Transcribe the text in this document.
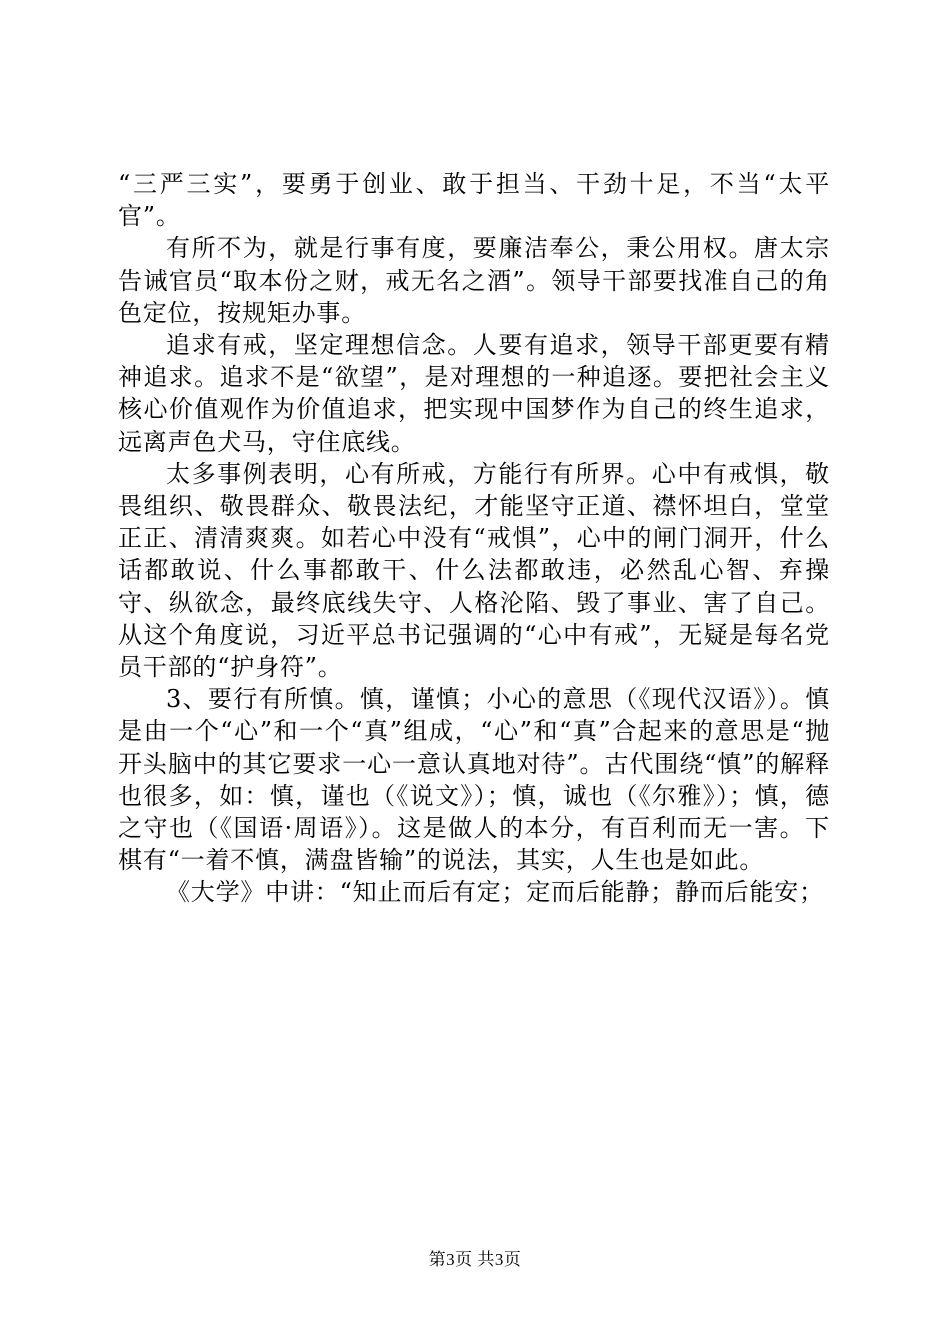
“三严三实”，要勇于创业、敢于担当、干劲十足，不当“太平官”。

有所不为，就是行事有度，要廉洁奉公，秉公用权。唐太宗告诫官员“取本份之财，戒无名之酒”。领导干部要找准自己的角色定位，按规矩办事。

追求有戒，坚定理想信念。人要有追求，领导干部更要有精神追求。追求不是“欲望”，是对理想的一种追逐。要把社会主义核心价值观作为价值追求，把实现中国梦作为自己的终生追求，远离声色犬马，守住底线。

太多事例表明，心有所戒，方能行有所界。心中有戒惧，敬畏组织、敬畏群众、敬畏法纪，才能坚守正道、襟怀坦白，堂堂正正、清清爽爽。如若心中没有“戒惧”，心中的闸门洞开，什么话都敢说、什么事都敢干、什么法都敢违，必然乱心智、弃操守、纵欲念，最终底线失守、人格沦陷、毁了事业、害了自己。从这个角度说，习近平总书记强调的“心中有戒”，无疑是每名党员干部的“护身符”。

3、要行有所慎。慎，谨慎；小心的意思（《现代汉语》）。慎是由一个“心”和一个“真”组成，“心”和“真”合起来的意思是“抛开头脑中的其它要求一心一意认真地对待”。古代围绕“慎”的解释也很多，如：慎，谨也（《说文》）；慎，诚也（《尔雅》）；慎，德之守也（《国语·周语》）。这是做人的本分，有百利而无一害。下棋有“一着不慎，满盘皆输”的说法，其实，人生也是如此。

《大学》中讲：“知止而后有定；定而后能静；静而后能安；

第3页 共3页
